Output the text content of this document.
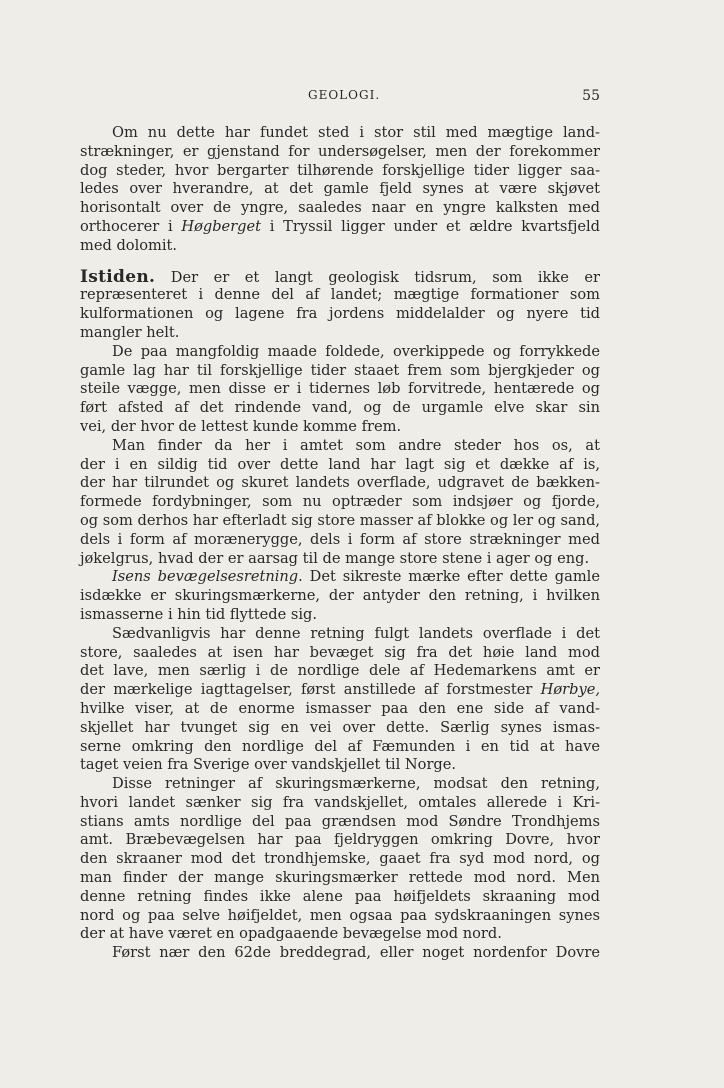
GEOLOGI.	55
Om nu dette har fundet sted i stor stil med mægtige land-
strækninger, er gjenstand for undersøgelser, men der forekommer
dog steder, hvor bergarter tilhørende forskjellige tider ligger saa-
ledes over hverandre, at det gamle fjeld synes at være skjøvet
horisontalt over de yngre, saaledes naar en yngre kalksten med
orthocerer i Høgberget i Tryssil ligger under et ældre kvartsfjeld
med dolomit.
Istiden. Der er et langt geologisk tidsrum, som ikke er
repræsenteret i denne del af landet; mægtige formationer som
kulformationen og lagene fra jordens middelalder og nyere tid
mangler helt.
De paa mangfoldig maade foldede, overkippede og forrykkede
gamle lag har til forskjellige tider staaet frem som bjergkjeder og
steile vægge, men disse er i tidernes løb forvitrede, hentærede og
ført afsted af det rindende vand, og de urgamle elve skar sin
vei, der hvor de lettest kunde komme frem.
Man finder da her i amtet som andre steder hos os, at
der i en sildig tid over dette land har lagt sig et dække af is,
der har tilrundet og skuret landets overflade, udgravet de bækken-
formede fordybninger, som nu optræder som indsjøer og fjorde,
og som derhos har efterladt sig store masser af blokke og ler og sand,
dels i form af morænerygge, dels i form af store strækninger med
jøkelgrus, hvad der er aarsag til de mange store stene i ager og eng.
Isens bevægelsesretning. Det sikreste mærke efter dette gamle
isdække er skuringsmærkerne, der antyder den retning, i hvilken
ismasserne i hin tid flyttede sig.
Sædvanligvis har denne retning fulgt landets overflade i det
store, saaledes at isen har bevæget sig fra det høie land mod
det lave, men særlig i de nordlige dele af Hedemarkens amt er
der mærkelige iagttagelser, først anstillede af forstmester Hørbye,
hvilke viser, at de enorme ismasser paa den ene side af vand-
skjellet har tvunget sig en vei over dette. Særlig synes ismas-
serne omkring den nordlige del af Fæmunden i en tid at have
taget veien fra Sverige over vandskjellet til Norge.
Disse retninger af skuringsmærkerne, modsat den retning,
hvori landet sænker sig fra vandskjellet, omtales allerede i Kri-
stians amts nordlige del paa grændsen mod Søndre Trondhjems
amt. Bræbevægelsen har paa fjeldryggen omkring Dovre, hvor
den skraaner mod det trondhjemske, gaaet fra syd mod nord, og
man finder der mange skuringsmærker rettede mod nord. Men
denne retning findes ikke alene paa høifjeldets skraaning mod
nord og paa selve høifjeldet, men ogsaa paa sydskraaningen synes
der at have været en opadgaaende bevægelse mod nord.
Først nær den 62de breddegrad, eller noget nordenfor Dovre
